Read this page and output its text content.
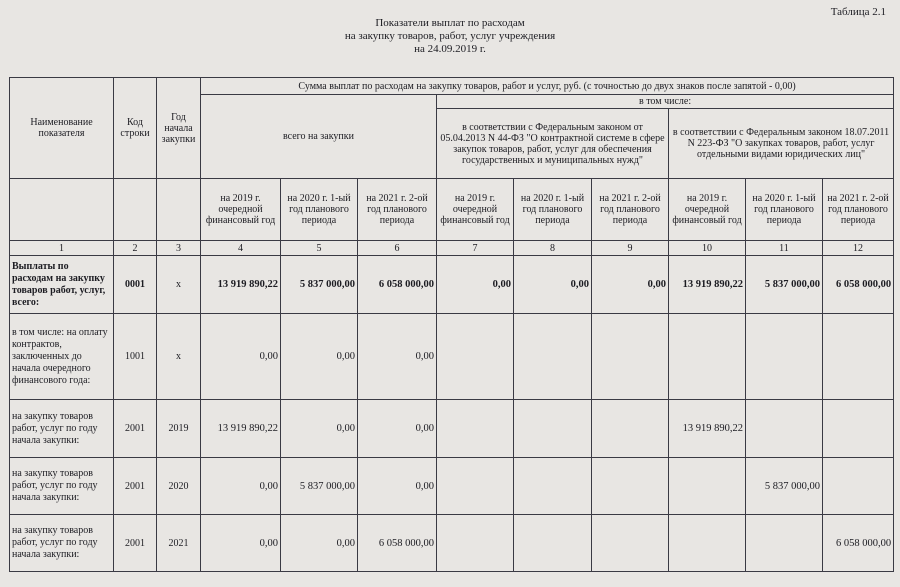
Таблица 2.1
Показатели выплат по расходам
на закупку товаров, работ, услуг учреждения
на 24.09.2019 г.
Наименование показателя	Код строки	Год начала закупки	Сумма выплат по расходам на закупку товаров, работ и услуг, руб. (с точностью до двух знаков после запятой - 0,00)								
			всего на закупки			в том числе:					
						в соответствии с Федеральным законом от 05.04.2013 N 44-ФЗ "О контрактной системе в сфере закупок товаров, работ, услуг для обеспечения государственных и муниципальных нужд"			в соответствии с Федеральным законом 18.07.2011 N 223-ФЗ "О закупках товаров, работ, услуг отдельными видами юридических лиц"		
			на 2019 г. очередной финансовый год	на 2020 г. 1-ый год планового периода	на 2021 г. 2-ой год планового периода	на 2019 г. очередной финансовый год	на 2020 г. 1-ый год планового периода	на 2021 г. 2-ой год планового периода	на 2019 г. очередной финансовый год	на 2020 г. 1-ый год планового периода	на 2021 г. 2-ой год планового периода
1	2	3	4	5	6	7	8	9	10	11	12
Выплаты по расходам на закупку товаров работ, услуг, всего:	0001	x	13 919 890,22	5 837 000,00	6 058 000,00	0,00	0,00	0,00	13 919 890,22	5 837 000,00	6 058 000,00
в том числе: на оплату контрактов, заключенных до начала очередного финансового года:	1001	x	0,00	0,00	0,00						
на закупку товаров работ, услуг по году начала закупки:	2001	2019	13 919 890,22	0,00	0,00				13 919 890,22		
на закупку товаров работ, услуг по году начала закупки:	2001	2020	0,00	5 837 000,00	0,00					5 837 000,00	
на закупку товаров работ, услуг по году начала закупки:	2001	2021	0,00	0,00	6 058 000,00						6 058 000,00
